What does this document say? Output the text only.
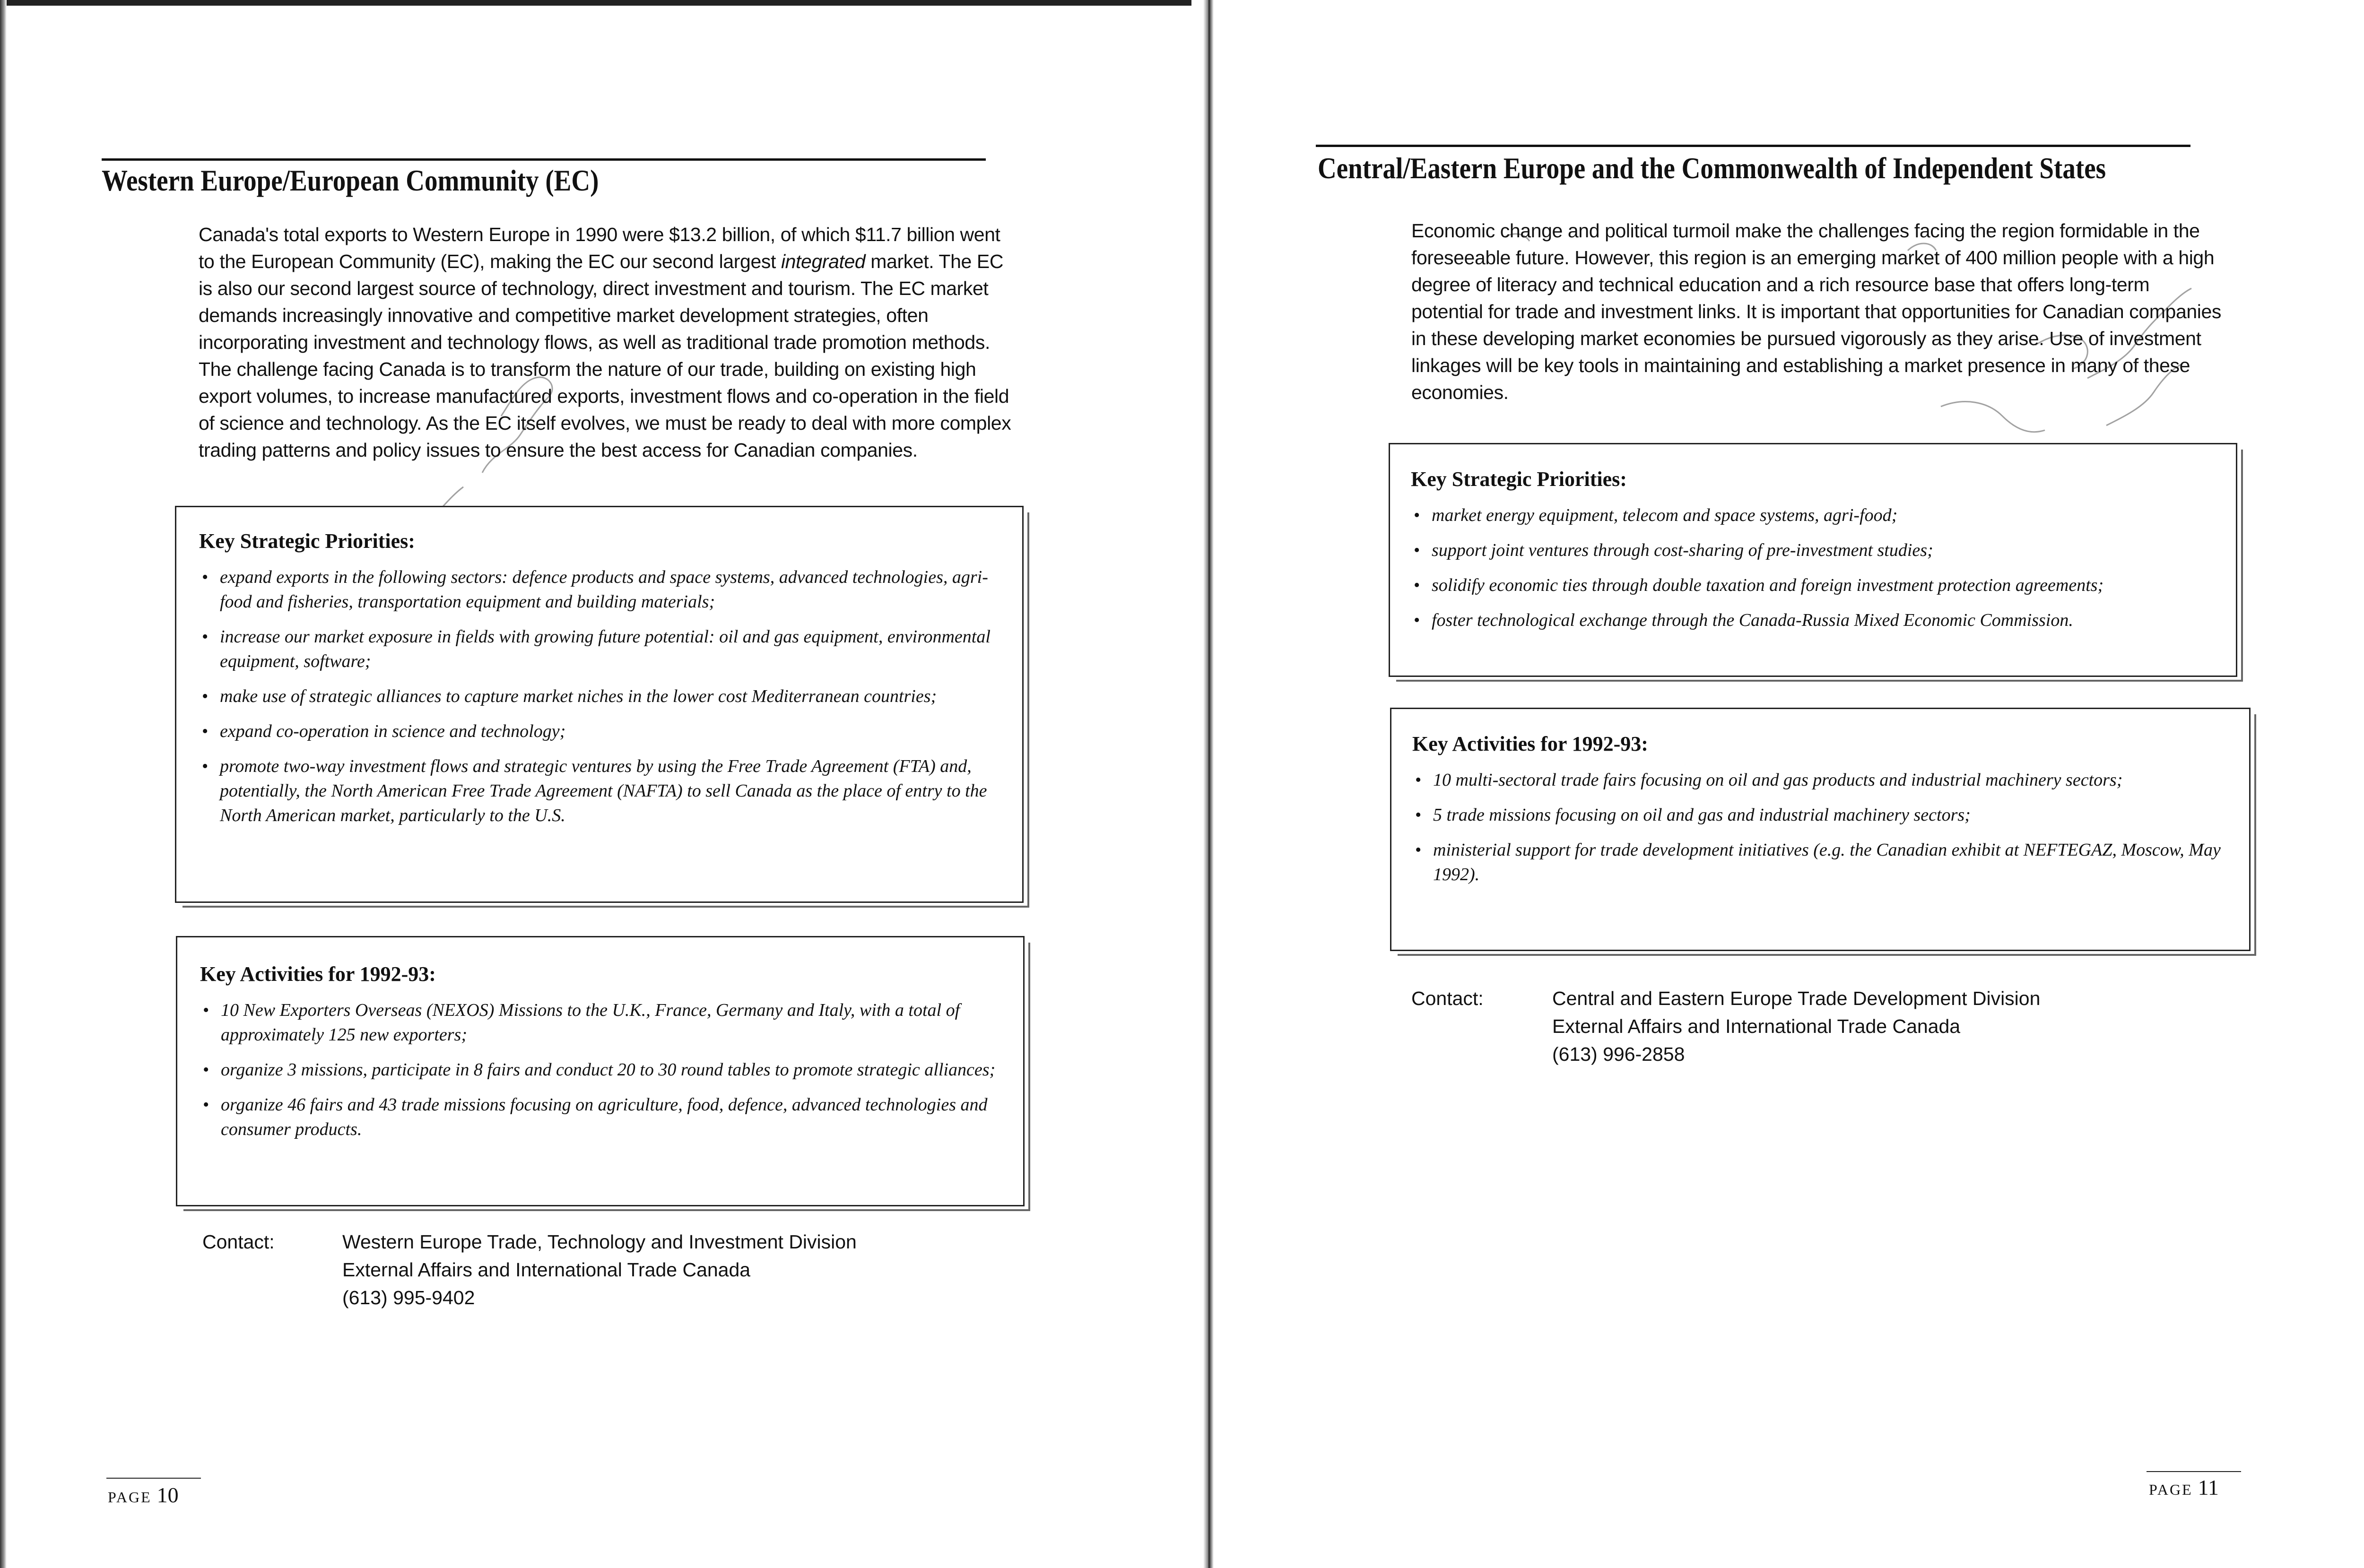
Western Europe/European Community (EC)

Canada's total exports to Western Europe in 1990 were $13.2 billion, of which $11.7 billion went to the European Community (EC), making the EC our second largest integrated market. The EC is also our second largest source of technology, direct investment and tourism. The EC market demands increasingly innovative and competitive market development strategies, often incorporating investment and technology flows, as well as traditional trade promotion methods. The challenge facing Canada is to transform the nature of our trade, building on existing high export volumes, to increase manufactured exports, investment flows and co-operation in the field of science and technology. As the EC itself evolves, we must be ready to deal with more complex trading patterns and policy issues to ensure the best access for Canadian companies.

Key Strategic Priorities:
• expand exports in the following sectors: defence products and space systems, advanced technologies, agri-food and fisheries, transportation equipment and building materials;
• increase our market exposure in fields with growing future potential: oil and gas equipment, environmental equipment, software;
• make use of strategic alliances to capture market niches in the lower cost Mediterranean countries;
• expand co-operation in science and technology;
• promote two-way investment flows and strategic ventures by using the Free Trade Agreement (FTA) and, potentially, the North American Free Trade Agreement (NAFTA) to sell Canada as the place of entry to the North American market, particularly to the U.S.
Key Activities for 1992-93:
• 10 New Exporters Overseas (NEXOS) Missions to the U.K., France, Germany and Italy, with a total of approximately 125 new exporters;
• organize 3 missions, participate in 8 fairs and conduct 20 to 30 round tables to promote strategic alliances;
• organize 46 fairs and 43 trade missions focusing on agriculture, food, defence, advanced technologies and consumer products.
Contact:	Western Europe Trade, Technology and Investment Division
External Affairs and International Trade Canada
(613) 995-9402
PAGE 10
Central/Eastern Europe and the Commonwealth of Independent States

Economic change and political turmoil make the challenges facing the region formidable in the foreseeable future. However, this region is an emerging market of 400 million people with a high degree of literacy and technical education and a rich resource base that offers long-term potential for trade and investment links. It is important that opportunities for Canadian companies in these developing market economies be pursued vigorously as they arise. Use of investment linkages will be key tools in maintaining and establishing a market presence in many of these economies.

Key Strategic Priorities:
• market energy equipment, telecom and space systems, agri-food;
• support joint ventures through cost-sharing of pre-investment studies;
• solidify economic ties through double taxation and foreign investment protection agreements;
• foster technological exchange through the Canada-Russia Mixed Economic Commission.
Key Activities for 1992-93:
• 10 multi-sectoral trade fairs focusing on oil and gas products and industrial machinery sectors;
• 5 trade missions focusing on oil and gas and industrial machinery sectors;
• ministerial support for trade development initiatives (e.g. the Canadian exhibit at NEFTEGAZ, Moscow, May 1992).
Contact:	Central and Eastern Europe Trade Development Division
External Affairs and International Trade Canada
(613) 996-2858
PAGE 11
